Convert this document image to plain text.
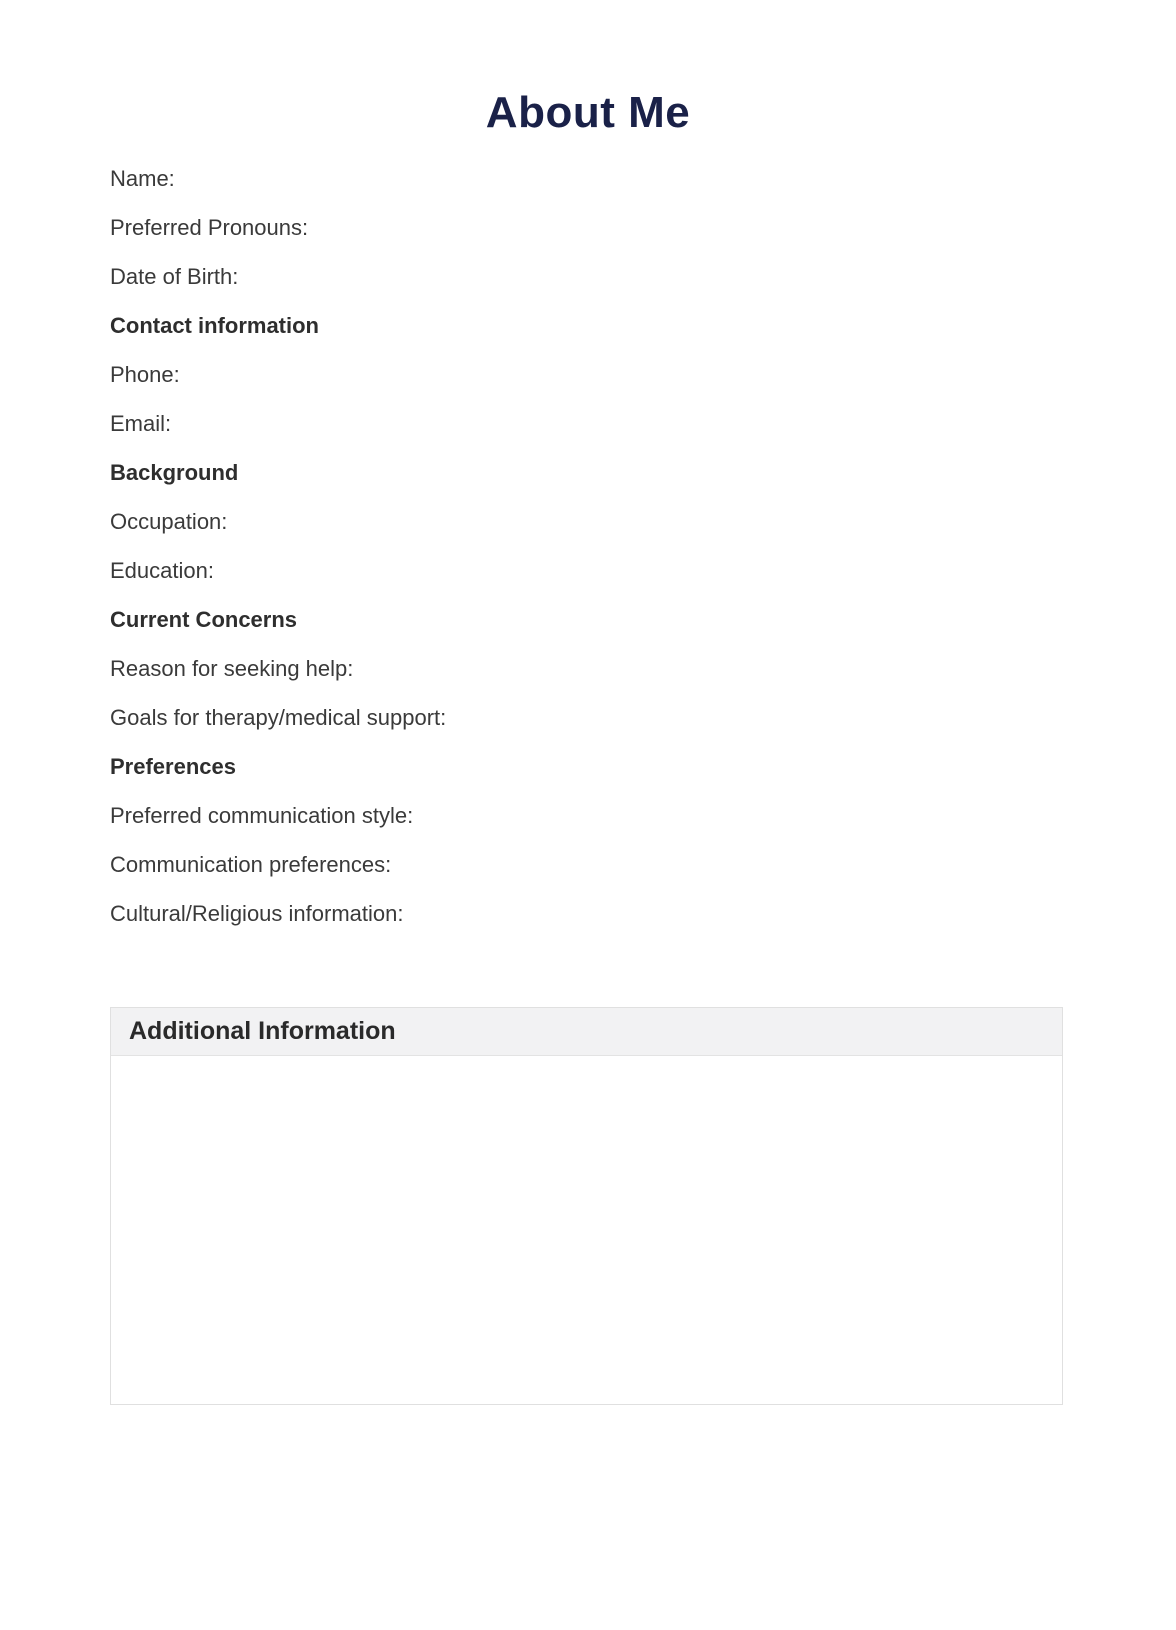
About Me

Name:

Preferred Pronouns:

Date of Birth:

Contact information

Phone:

Email:

Background

Occupation:

Education:

Current Concerns

Reason for seeking help:

Goals for therapy/medical support:

Preferences

Preferred communication style:

Communication preferences:

Cultural/Religious information:

Additional Information
